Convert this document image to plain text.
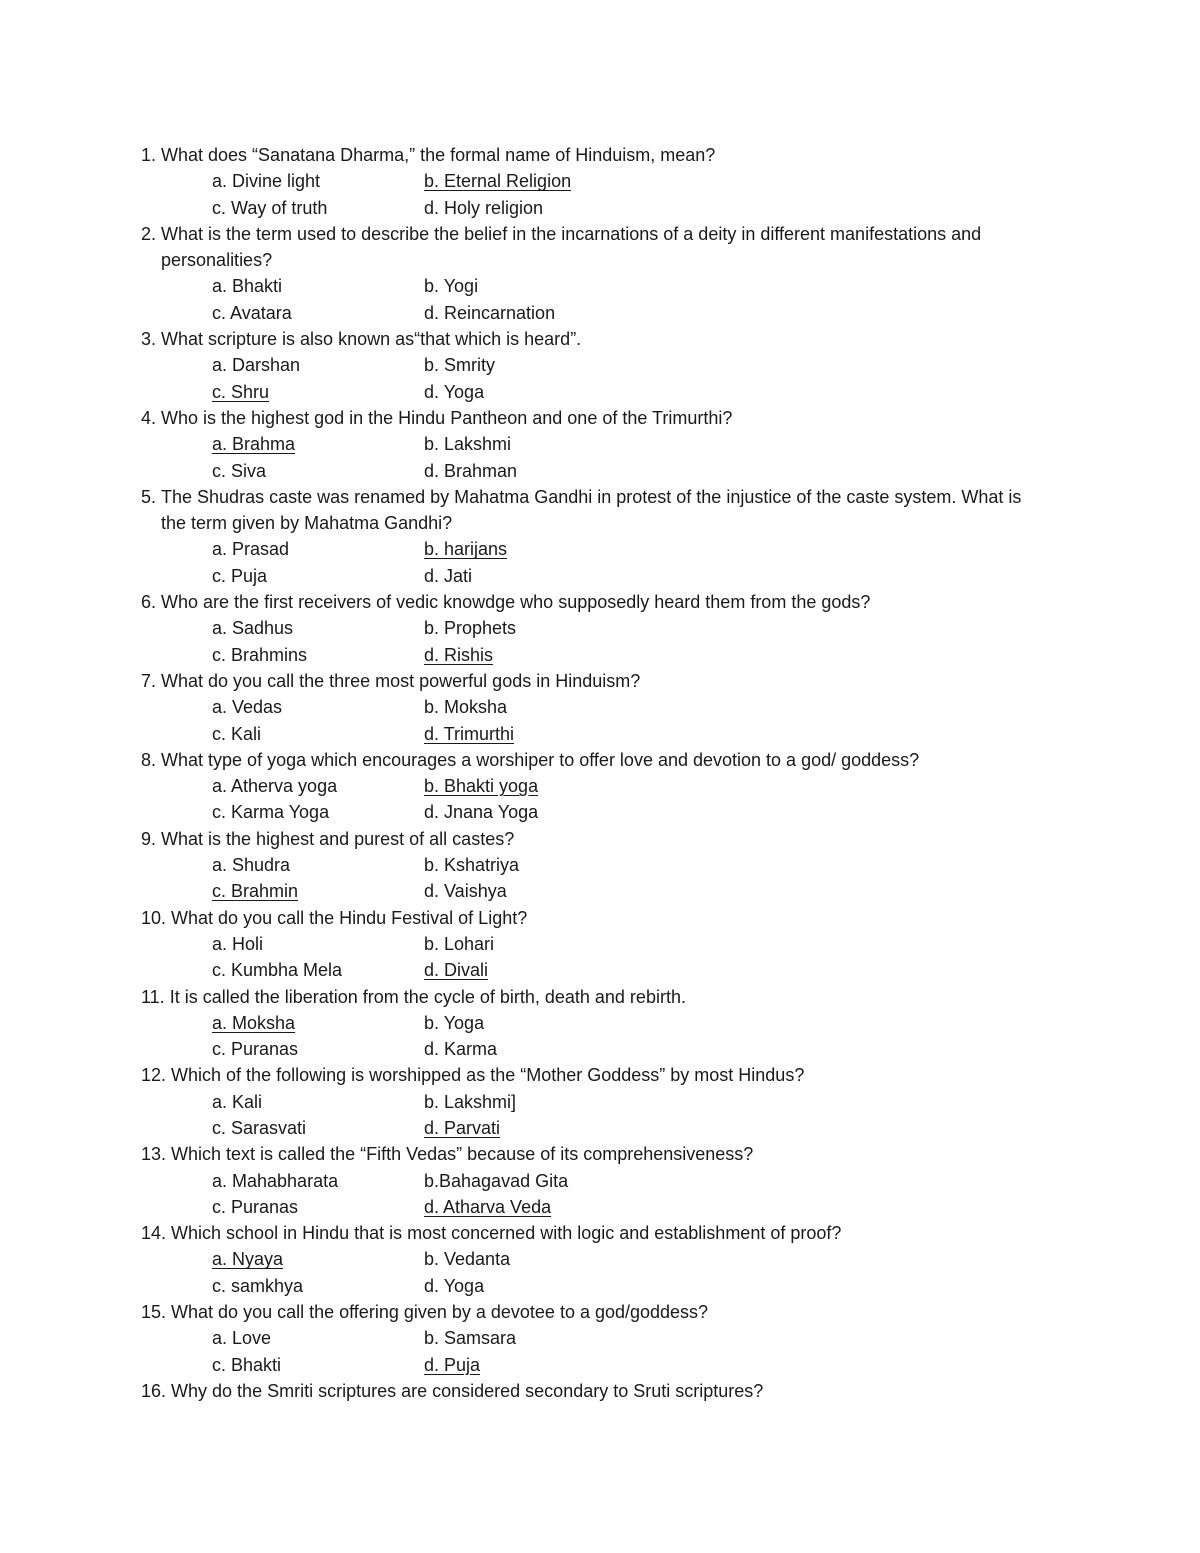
1. What does “Sanatana Dharma,” the formal name of Hinduism, mean?
a. Divine light	b. Eternal Religion
c. Way of truth	d. Holy religion
2. What is the term used to describe the belief in the incarnations of a deity in different manifestations and personalities?
a. Bhakti	b. Yogi
c. Avatara	d. Reincarnation
3. What scripture is also known as“that which is heard”.
a. Darshan	b. Smrity
c. Shru	d. Yoga
4. Who is the highest god in the Hindu Pantheon and one of the Trimurthi?
a. Brahma	b. Lakshmi
c. Siva	d. Brahman
5. The Shudras caste was renamed by Mahatma Gandhi in protest of the injustice of the caste system. What is the term given by Mahatma Gandhi?
a. Prasad	b. harijans
c. Puja	d. Jati
6. Who are the first receivers of vedic knowdge who supposedly heard them from the gods?
a. Sadhus	b. Prophets
c. Brahmins	d. Rishis
7. What do you call the three most powerful gods in Hinduism?
a. Vedas	b. Moksha
c. Kali	d. Trimurthi
8. What type of yoga which encourages a worshiper to offer love and devotion to a god/ goddess?
a. Atherva yoga	b. Bhakti yoga
c. Karma Yoga	d. Jnana Yoga
9. What is the highest and purest of all castes?
a. Shudra	b. Kshatriya
c. Brahmin	d. Vaishya
10. What do you call the Hindu Festival of Light?
a. Holi	b. Lohari
c. Kumbha Mela	d. Divali
11. It is called the liberation from the cycle of birth, death and rebirth.
a. Moksha	b. Yoga
c. Puranas	d. Karma
12. Which of the following is worshipped as the “Mother Goddess” by most Hindus?
a. Kali	b. Lakshmi]
c. Sarasvati	d. Parvati
13. Which text is called the “Fifth Vedas” because of its comprehensiveness?
a. Mahabharata	b.Bahagavad Gita
c. Puranas	d. Atharva Veda
14. Which school in Hindu that is most concerned with logic and establishment of proof?
a. Nyaya	b. Vedanta
c. samkhya	d. Yoga
15. What do you call the offering given by a devotee to a god/goddess?
a. Love	b. Samsara
c. Bhakti	d. Puja
16. Why do the Smriti scriptures are considered secondary to Sruti scriptures?
